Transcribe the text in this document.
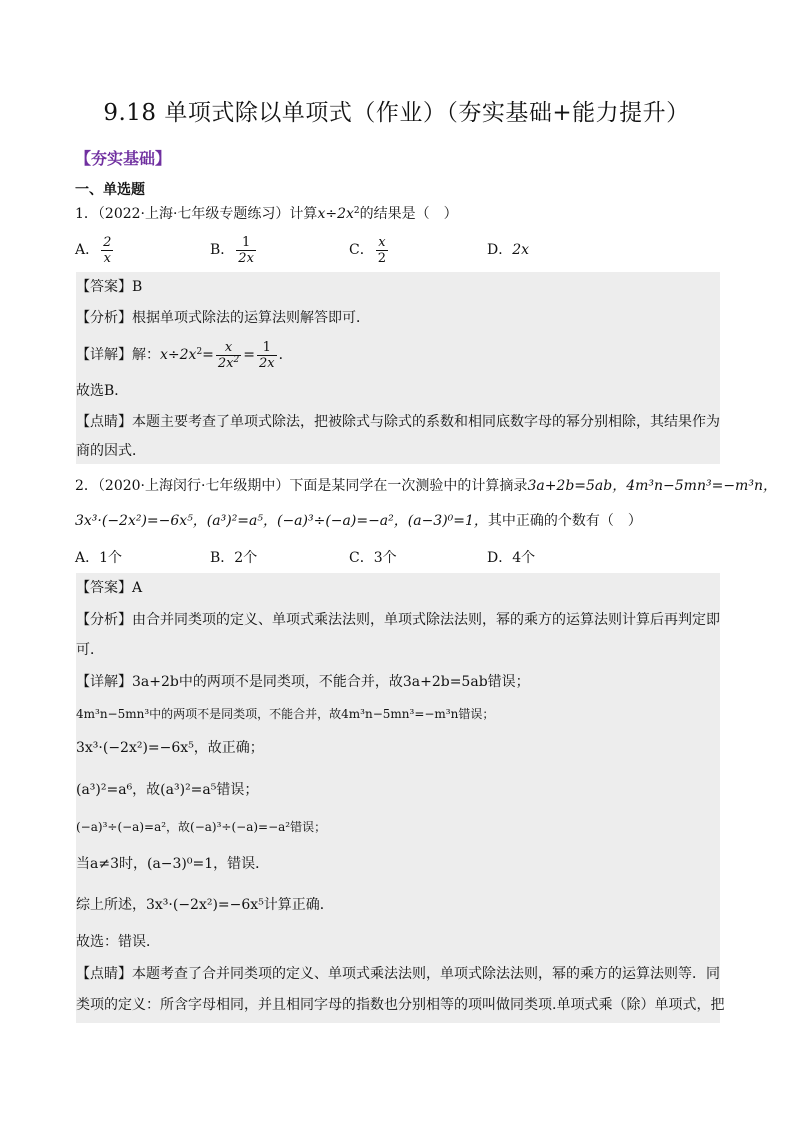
9.18 单项式除以单项式（作业）（夯实基础+能力提升）
【夯实基础】
一、单选题
1．（2022·上海·七年级专题练习）计算$x\div 2x^2$的结果是（　）
A． $\frac{2}{x}$	B． $\frac{1}{2x}$	C． $\frac{x}{2}$	D．2x
【答案】B
【分析】根据单项式除法的运算法则解答即可．
【详解】解：$x\div 2x^2= \frac{x}{2x^2} = \frac{1}{2x}$ ．
故选B．
【点睛】本题主要考查了单项式除法，把被除式与除式的系数和相同底数字母的幂分别相除，其结果作为
商的因式．
2．（2020·上海闵行·七年级期中）下面是某同学在一次测验中的计算摘录3a+2b=5ab，4m³n−5mn³=−m³n，
3x³·(−2x²)=−6x⁵，(a³)²=a⁵，(−a)³÷(−a)=−a²，(a−3)⁰=1，其中正确的个数有（　）
A．1个	B．2个	C．3个	D．4个
【答案】A
【分析】由合并同类项的定义、单项式乘法法则，单项式除法法则，幂的乘方的运算法则计算后再判定即
可．
【详解】3a+2b中的两项不是同类项，不能合并，故3a+2b=5ab错误；
4m³n−5mn³中的两项不是同类项，不能合并，故4m³n−5mn³=−m³n错误；
3x³·(−2x²)=−6x⁵，故正确；
(a³)²=a⁶，故(a³)²=a⁵错误；
(−a)³÷(−a)=a²，故(−a)³÷(−a)=−a²错误；
当a≠3时，(a−3)⁰=1，错误．
综上所述，3x³·(−2x²)=−6x⁵计算正确．
故选：错误．
【点睛】本题考查了合并同类项的定义、单项式乘法法则，单项式除法法则，幂的乘方的运算法则等．同
类项的定义：所含字母相同，并且相同字母的指数也分别相等的项叫做同类项.单项式乘（除）单项式，把
